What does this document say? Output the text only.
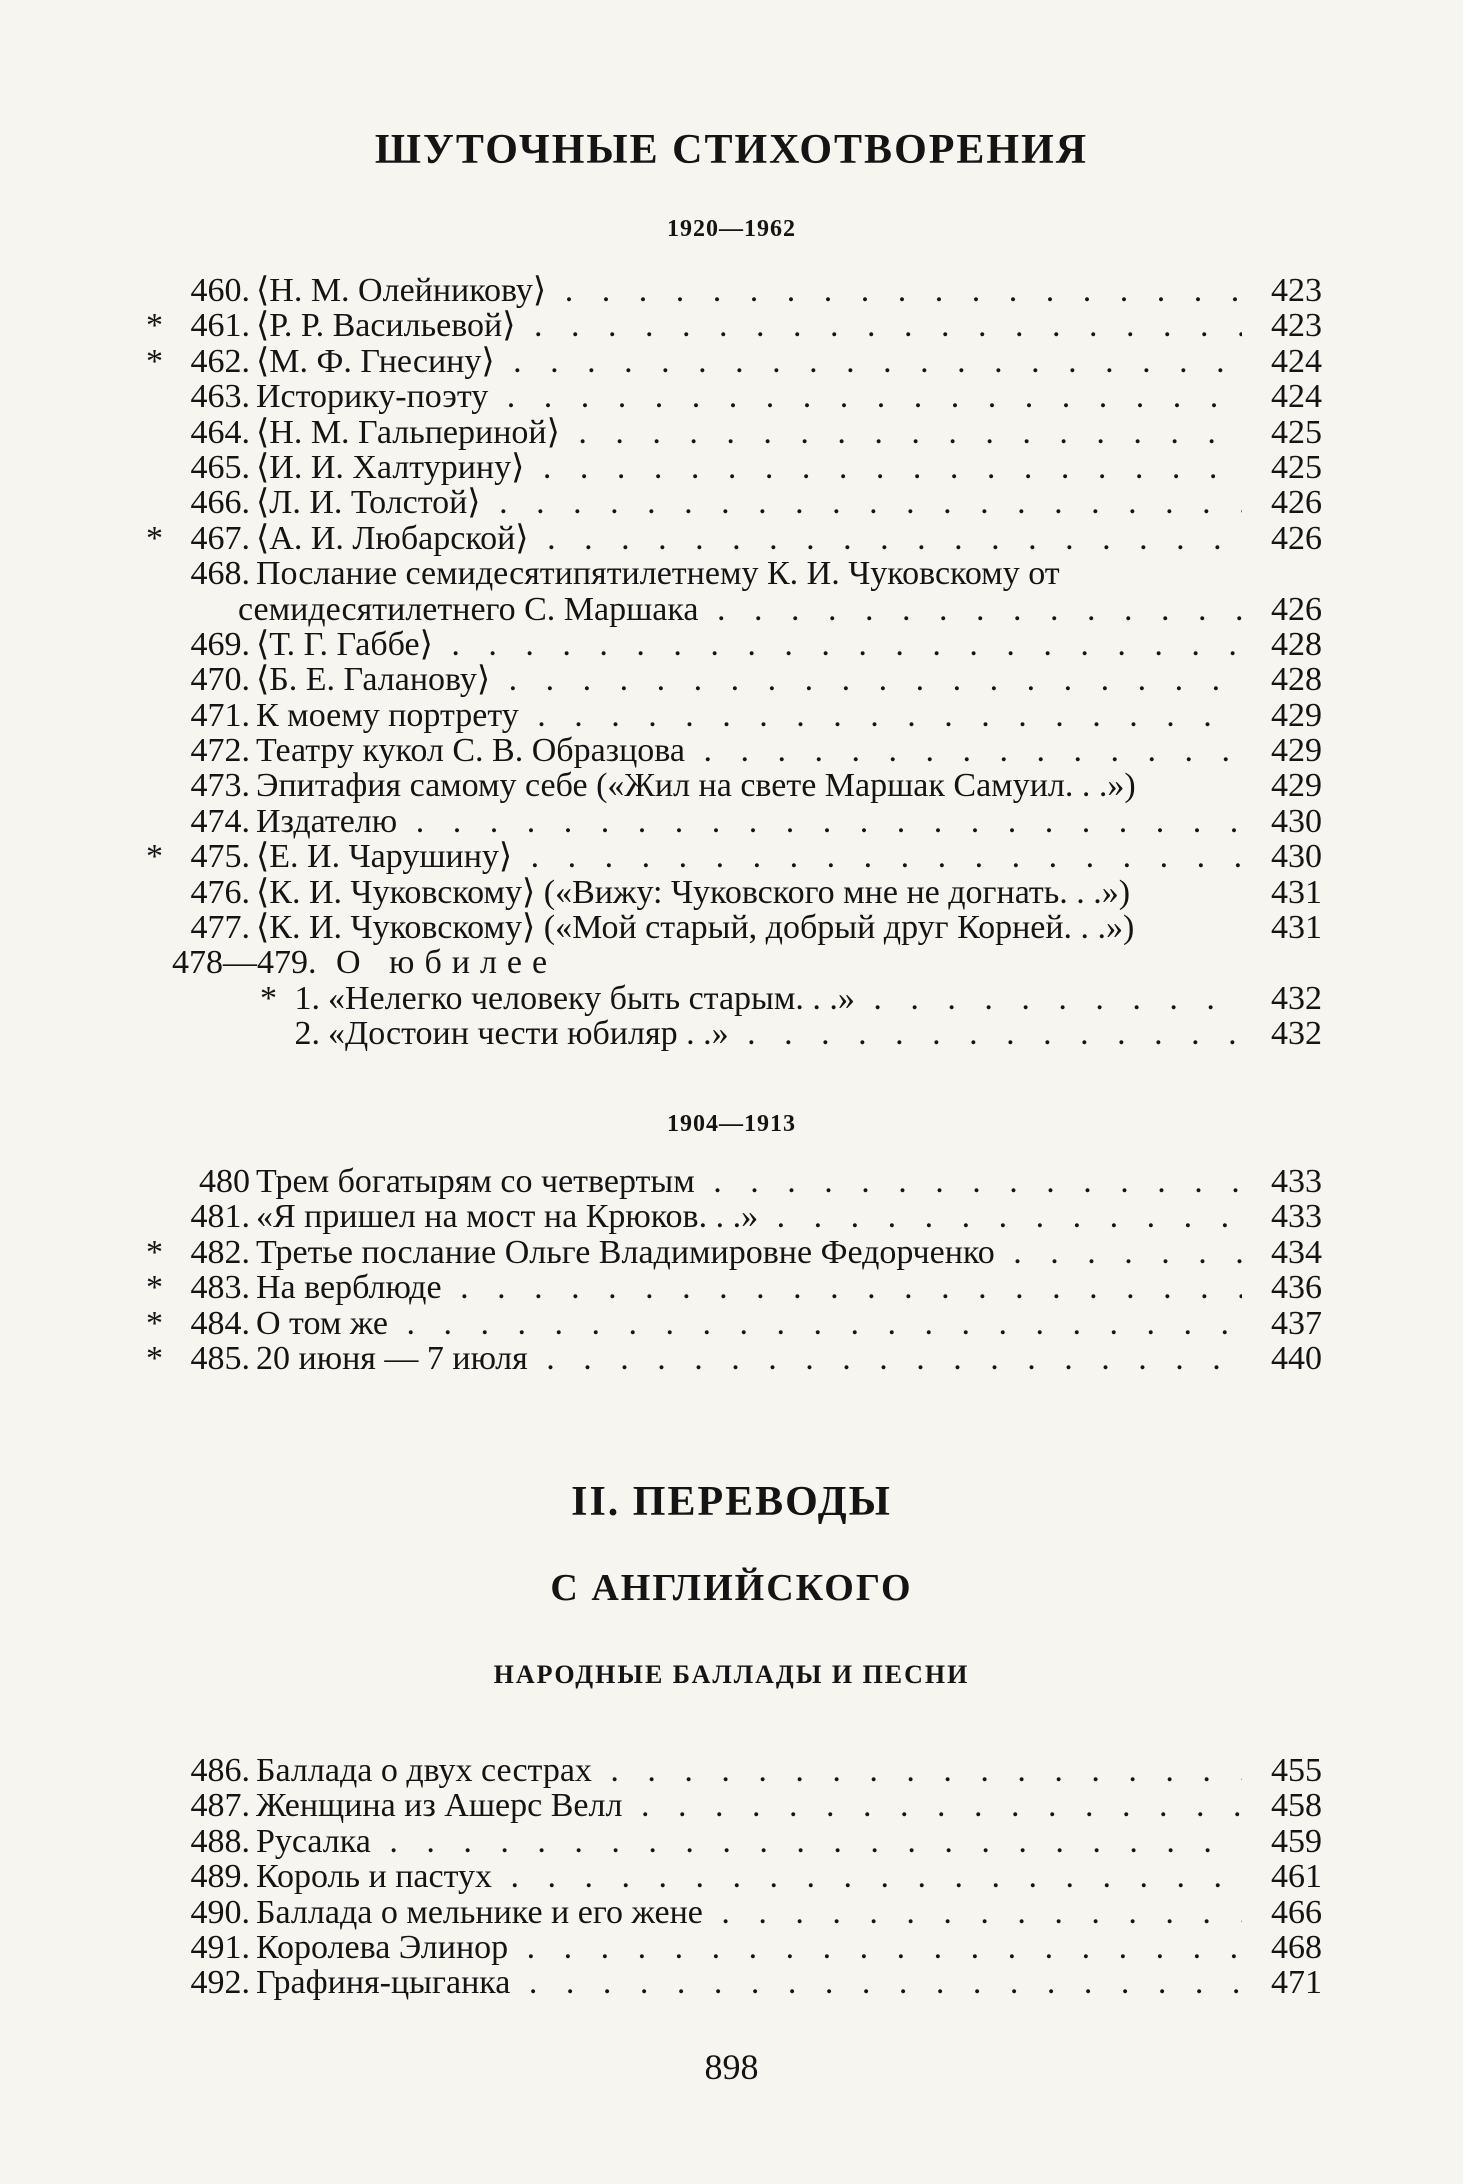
ШУТОЧНЫЕ СТИХОТВОРЕНИЯ
1920—1962
460. ⟨Н. М. Олейникову⟩ . . .	423
* 461. ⟨Р. Р. Васильевой⟩ . . .	423
* 462. ⟨М. Ф. Гнесину⟩ . . .	424
463. Историку-поэту . . .	424
464. ⟨Н. М. Гальпериной⟩ . . .	425
465. ⟨И. И. Халтурину⟩ . . .	425
466. ⟨Л. И. Толстой⟩ . . .	426
* 467. ⟨А. И. Любарской⟩ . . .	426
468. Послание семидесятипятилетнему К. И. Чуковскому от
семидесятилетнего С. Маршака . . .	426
469. ⟨Т. Г. Габбе⟩ . . .	428
470. ⟨Б. Е. Галанову⟩ . . .	428
471. К моему портрету . . .	429
472. Театру кукол С. В. Образцова . . .	429
473. Эпитафия самому себе («Жил на свете Маршак Самуил. . .»)	429
474. Издателю . . .	430
* 475. ⟨Е. И. Чарушину⟩ . . .	430
476. ⟨К. И. Чуковскому⟩ («Вижу: Чуковского мне не догнать. . .»)	431
477. ⟨К. И. Чуковскому⟩ («Мой старый, добрый друг Корней. . .»)	431
478—479. О юбилее
* 1. «Нелегко человеку быть старым. . .» . . .	432
2. «Достоин чести юбиляр . .» . . .	432
1904—1913
480 Трем богатырям со четвертым . . .	433
481. «Я пришел на мост на Крюков. . .» . . .	433
* 482. Третье послание Ольге Владимировне Федорченко . . .	434
* 483. На верблюде . . .	436
* 484. О том же . . .	437
* 485. 20 июня — 7 июля . . .	440
II. ПЕРЕВОДЫ
С АНГЛИЙСКОГО
НАРОДНЫЕ БАЛЛАДЫ И ПЕСНИ
486. Баллада о двух сестрах . . .	455
487. Женщина из Ашерс Велл . . .	458
488. Русалка . . .	459
489. Король и пастух . . .	461
490. Баллада о мельнике и его жене . . .	466
491. Королева Элинор . . .	468
492. Графиня-цыганка . . .	471
898
